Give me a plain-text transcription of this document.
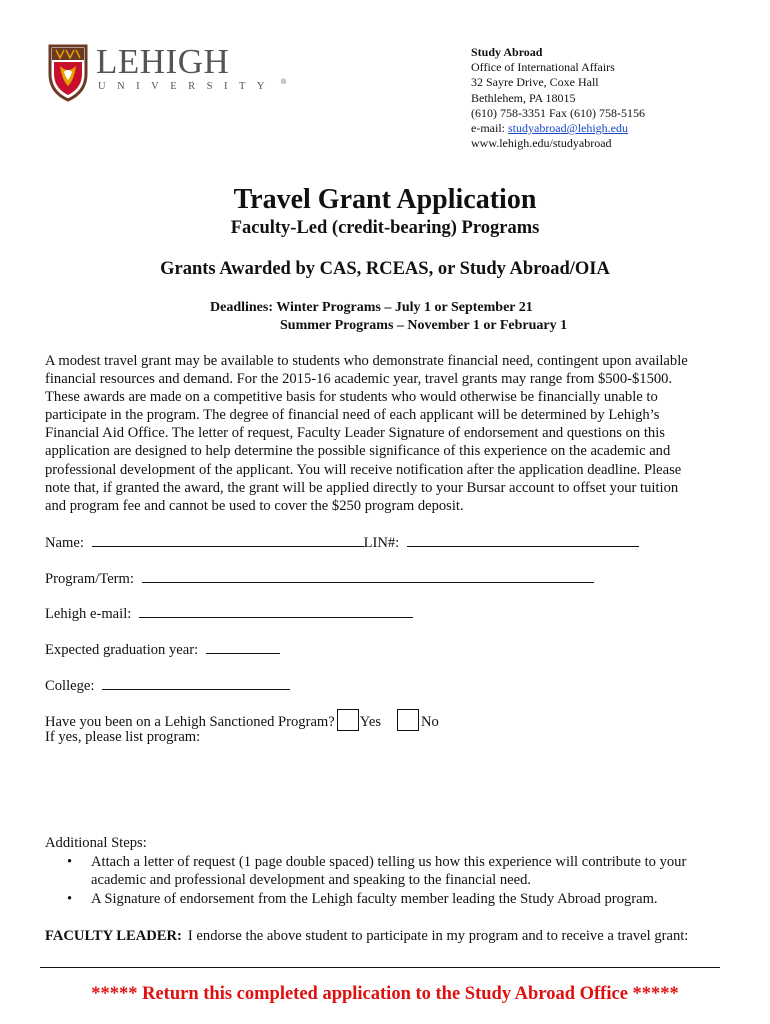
LEHIGH
UNIVERSITY ®
Study Abroad
Office of International Affairs
32 Sayre Drive, Coxe Hall
Bethlehem, PA 18015
(610) 758-3351 Fax (610) 758-5156
e-mail: studyabroad@lehigh.edu
www.lehigh.edu/studyabroad
Travel Grant Application
Faculty-Led (credit-bearing) Programs
Grants Awarded by CAS, RCEAS, or Study Abroad/OIA
Deadlines: Winter Programs – July 1 or September 21
Summer Programs – November 1 or February 1
A modest travel grant may be available to students who demonstrate financial need, contingent upon available
financial resources and demand. For the 2015-16 academic year, travel grants may range from $500-$1500.
These awards are made on a competitive basis for students who would otherwise be financially unable to
participate in the program. The degree of financial need of each applicant will be determined by Lehigh’s
Financial Aid Office. The letter of request, Faculty Leader Signature of endorsement and questions on this
application are designed to help determine the possible significance of this experience on the academic and
professional development of the applicant. You will receive notification after the application deadline. Please
note that, if granted the award, the grant will be applied directly to your Bursar account to offset your tuition
and program fee and cannot be used to cover the $250 program deposit.
Name:	LIN#:
Program/Term:
Lehigh e-mail:
Expected graduation year:
College:
Have you been on a Lehigh Sanctioned Program? Yes	No
If yes, please list program:
Additional Steps:
• Attach a letter of request (1 page double spaced) telling us how this experience will contribute to your
academic and professional development and speaking to the financial need.
• A Signature of endorsement from the Lehigh faculty member leading the Study Abroad program.
FACULTY LEADER: I endorse the above student to participate in my program and to receive a travel grant:
***** Return this completed application to the Study Abroad Office *****
